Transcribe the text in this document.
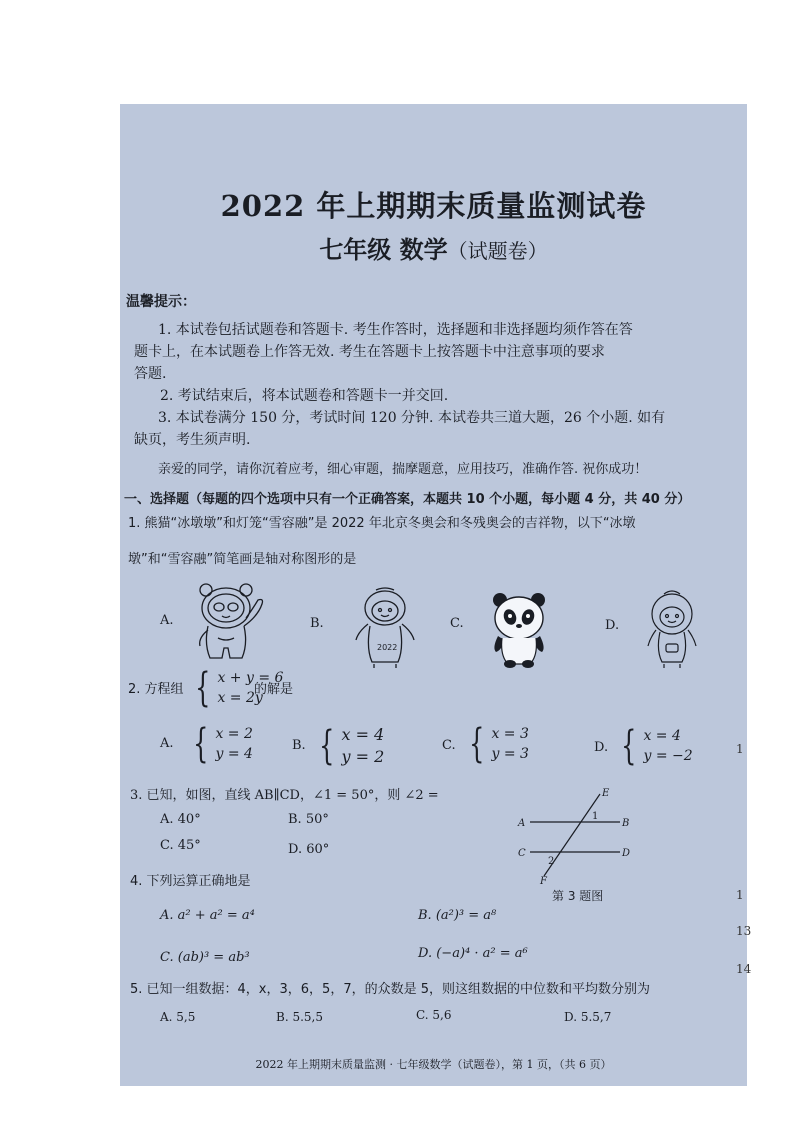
2022 年上期期末质量监测试卷
七年级 数学（试题卷）
温馨提示：
1. 本试卷包括试题卷和答题卡. 考生作答时，选择题和非选择题均须作答在答
题卡上，在本试题卷上作答无效. 考生在答题卡上按答题卡中注意事项的要求
答题.
2. 考试结束后，将本试题卷和答题卡一并交回.
3. 本试卷满分 150 分，考试时间 120 分钟. 本试卷共三道大题，26 个小题. 如有
缺页，考生须声明.
亲爱的同学，请你沉着应考，细心审题，揣摩题意，应用技巧，准确作答. 祝你成功！
一、选择题（每题的四个选项中只有一个正确答案，本题共 10 个小题，每小题 4 分，共 40 分）
1. 熊猫“冰墩墩”和灯笼“雪容融”是 2022 年北京冬奥会和冬残奥会的吉祥物，以下“冰墩
墩”和“雪容融”简笔画是轴对称图形的是
A.	B.	C.	D.
2022
2. 方程组 { x + y = 6
x = 2y
的解是
A. { x = 2
y = 4
B. { x = 4
y = 2
C. { x = 3
y = 3	D. { x = 4
y = −2
3. 已知，如图，直线 AB∥CD，∠1 = 50°，则 ∠2 =
A. 40°	B. 50°
C. 45°	D. 60°
E
A	B
C	D
F
1
2
第 3 题图
4. 下列运算正确地是
A. a² + a² = a⁴	B. (a²)³ = a⁸
C. (ab)³ = ab³	D. (−a)⁴ · a² = a⁶
5. 已知一组数据：4，x，3，6，5，7，的众数是 5，则这组数据的中位数和平均数分别为
A. 5,5	B. 5.5,5	C. 5,6	D. 5.5,7
2022 年上期期末质量监测 · 七年级数学（试题卷），第 1 页，（共 6 页）
1
1
13
14
